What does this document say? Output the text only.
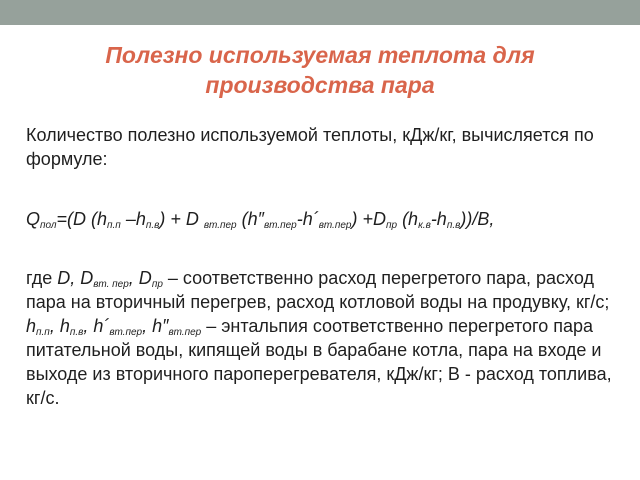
Полезно используемая теплота для
производства пара
Количество полезно используемой теплоты, кДж/кг, вычисляется по формуле:
$Q_{пол}=(D$ ($h_{п.п}$ $-h_{п.в}) + D$ $_{вт.пер}$ $(h''_{вт.пер}-h´_{вт.пер}) +D_{пр}$ $(h_{к.в}-h_{п.в}))/B$,
где D, $D_{вт. пер}$, $D_{пр}$ – соответственно расход перегретого пара, расход пара на вторичный перегрев, расход котловой воды на продувку, кг/с; $h_{п.п}$, $h_{п.в}$, $h´_{вт.пер}$, $h''_{вт.пер}$ – энтальпия соответственно перегретого пара питательной воды, кипящей воды в барабане котла, пара на входе и выходе из вторичного пароперегревателя, кДж/кг; В - расход топлива, кг/с.
